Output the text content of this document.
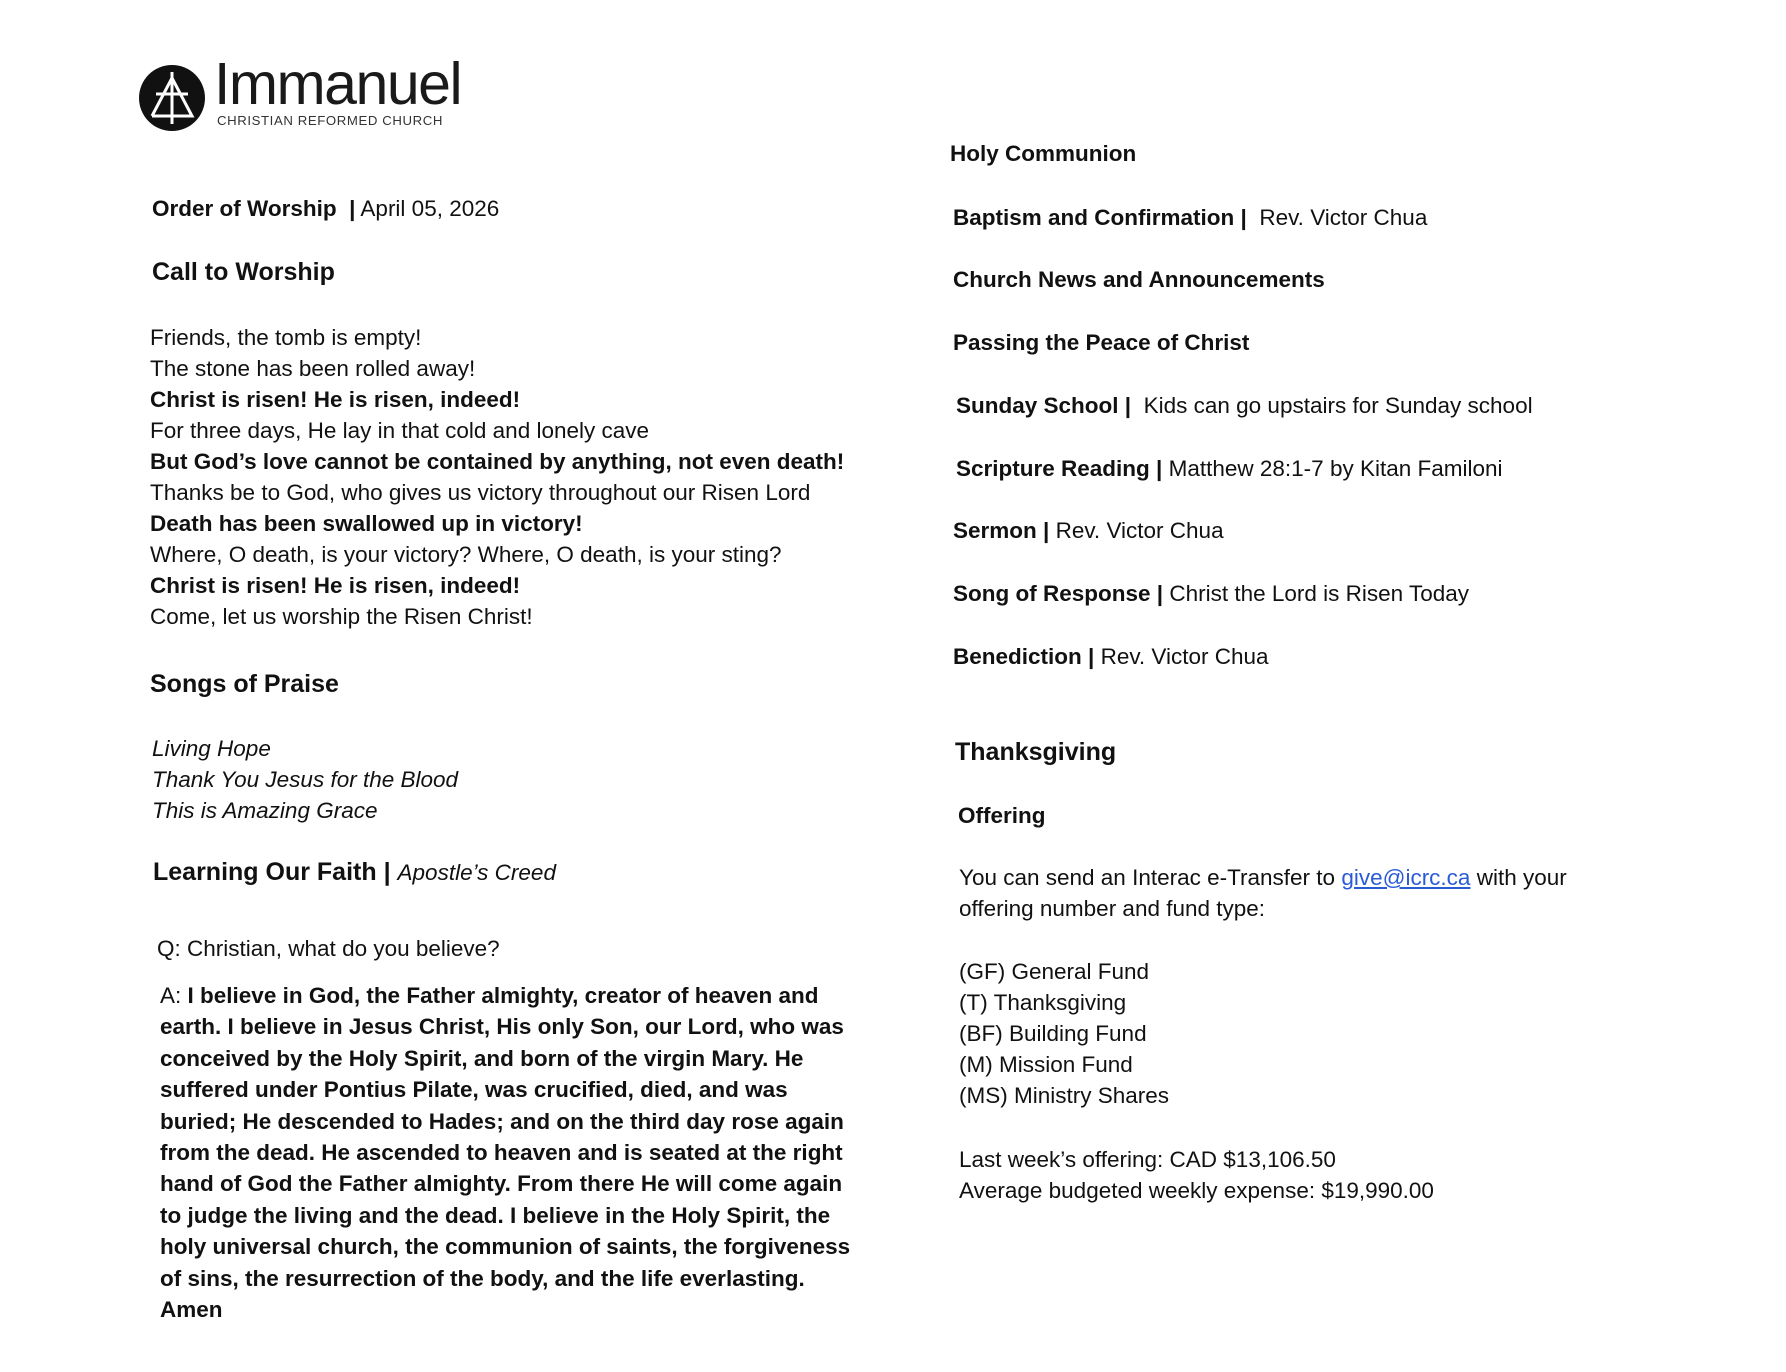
Immanuel
CHRISTIAN REFORMED CHURCH
Order of Worship | April 05, 2026
Call to Worship
Friends, the tomb is empty!
The stone has been rolled away!
Christ is risen! He is risen, indeed!
For three days, He lay in that cold and lonely cave
But God’s love cannot be contained by anything, not even death!
Thanks be to God, who gives us victory throughout our Risen Lord
Death has been swallowed up in victory!
Where, O death, is your victory? Where, O death, is your sting?
Christ is risen! He is risen, indeed!
Come, let us worship the Risen Christ!
Songs of Praise
Living Hope
Thank You Jesus for the Blood
This is Amazing Grace
Learning Our Faith | Apostle’s Creed
Q: Christian, what do you believe?
A: I believe in God, the Father almighty, creator of heaven and earth. I believe in Jesus Christ, His only Son, our Lord, who was conceived by the Holy Spirit, and born of the virgin Mary. He suffered under Pontius Pilate, was crucified, died, and was buried; He descended to Hades; and on the third day rose again from the dead. He ascended to heaven and is seated at the right hand of God the Father almighty. From there He will come again to judge the living and the dead. I believe in the Holy Spirit, the holy universal church, the communion of saints, the forgiveness of sins, the resurrection of the body, and the life everlasting. Amen
Holy Communion
Baptism and Confirmation |  Rev. Victor Chua
Church News and Announcements
Passing the Peace of Christ
Sunday School |  Kids can go upstairs for Sunday school
Scripture Reading | Matthew 28:1-7 by Kitan Familoni
Sermon | Rev. Victor Chua
Song of Response | Christ the Lord is Risen Today
Benediction | Rev. Victor Chua
Thanksgiving
Offering
You can send an Interac e-Transfer to give@icrc.ca with your offering number and fund type:
(GF) General Fund
(T) Thanksgiving
(BF) Building Fund
(M) Mission Fund
(MS) Ministry Shares
Last week’s offering: CAD $13,106.50
Average budgeted weekly expense: $19,990.00
